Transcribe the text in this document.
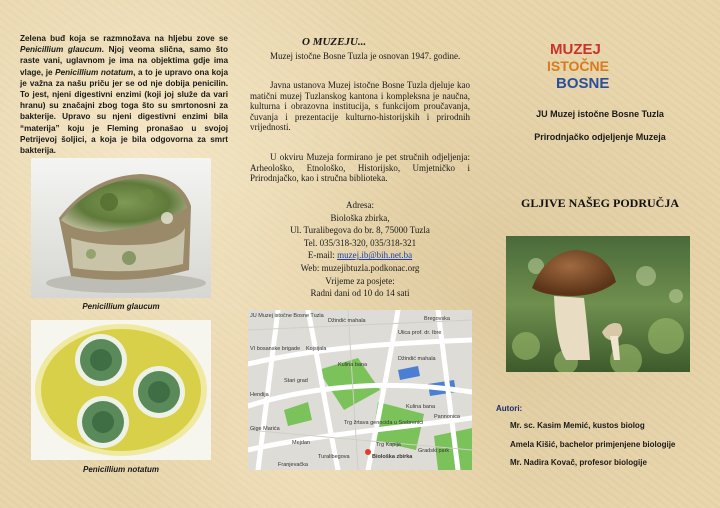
Zelena buđ koja se razmnožava na hljebu zove se Penicillium glaucum. Njoj veoma slična, samo što raste vani, uglavnom je ima na objektima gdje ima vlage, je Penicillium notatum, a to je upravo ona koja je važna za našu priču jer se od nje dobija penicilin. To jest, njeni digestivni enzimi (koji joj služe da vari hranu) su značajni zbog toga što su smrtonosni za bakterije. Upravo su njeni digestivni enzimi bila “materija” koju je Fleming pronašao u svojoj Petrijevoj šoljici, a koja je bila odgovorna za smrt bakterija.
Penicillium glaucum
Penicillium notatum
O MUZEJU...

Muzej istočne Bosne Tuzla je osnovan 1947. godine.

Javna ustanova Muzej istočne Bosne Tuzla djeluje kao matični muzej Tuzlanskog kantona i kompleksna je naučna, kulturna i obrazovna institucija, s funkcijom proučavanja, čuvanja i prezentacije kulturno-historijskih i prirodnih vrijednosti.

U okviru Muzeja formirano je pet stručnih odjeljenja: Arheološko, Etnološko, Historijsko, Umjetničko i Prirodnjačko, kao i stručna biblioteka.

Adresa:
Biološka zbirka,
Ul. Turalibegova do br. 8, 75000 Tuzla
Tel. 035/318-320, 035/318-321
E-mail: muzej.ib@bih.net.ba
Web: muzejibtuzla.podkonac.org
Vrijeme za posjete:
Radni dani od 10 do 14 sati
JU Muzej istočne Bosne Tuzla
Džindić mahala
Ulica prof. dr. Ibre
VI bosanske brigade
Kulina bana
Kulina bana
Kojsijala
Trg žrtava genocida u Srebrenici
Trg Kapija
Pannonica
Gradski park
Biološka zbirka
Gige Marića
Hendija
Franjevačka
Stari grad
Turalibegova
Džindić mahala
Bregovska
Mejdan
MUZEJ
ISTOČNE
BOSNE
JU Muzej istočne Bosne Tuzla
Prirodnjačko odjeljenje Muzeja
GLJIVE NAŠEG PODRUČJA
Autori:
Mr. sc. Kasim Memić, kustos biolog
Amela Kišić, bachelor primjenjene biologije
Mr. Nadira Kovač, profesor biologije
